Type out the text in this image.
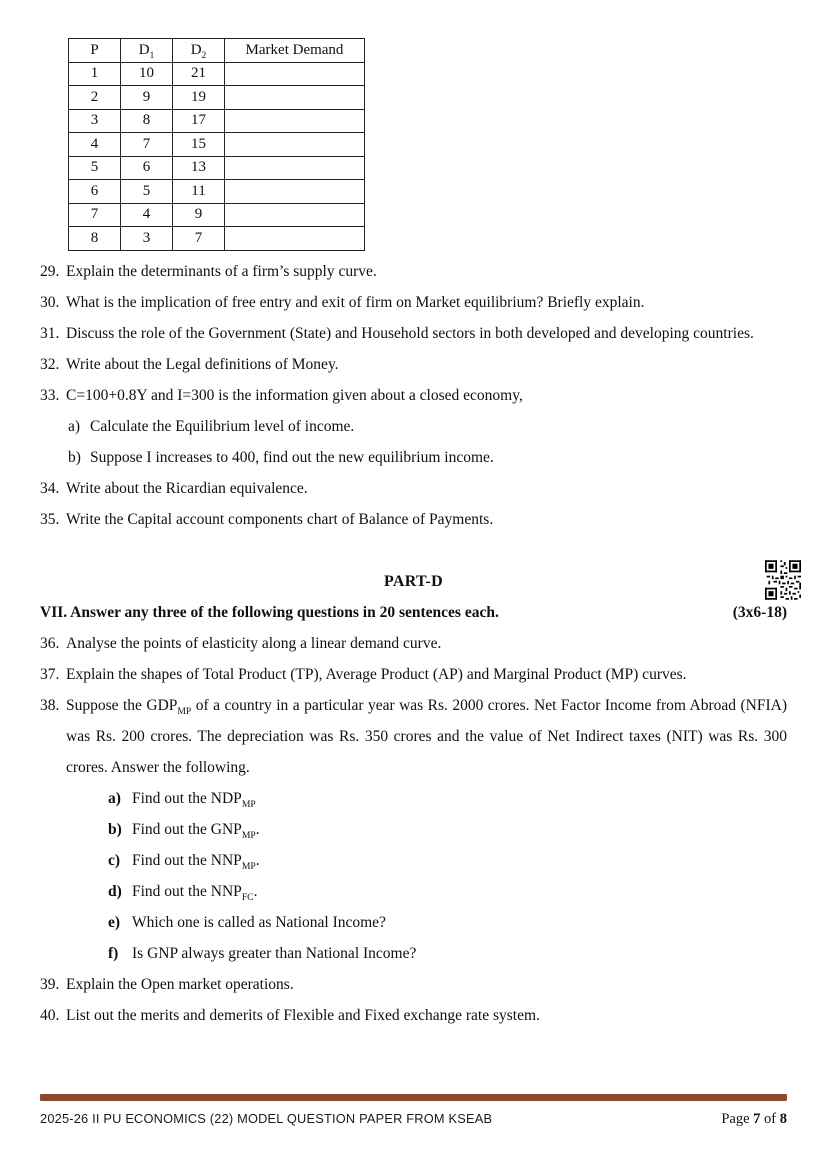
P	$D_1$	$D_2$	Market Demand
1	10	21	
2	9	19	
3	8	17	
4	7	15	
5	6	13	
6	5	11	
7	4	9	
8	3	7	
29. Explain the determinants of a firm’s supply curve.
30. What is the implication of free entry and exit of firm on Market equilibrium? Briefly explain.
31. Discuss the role of the Government (State) and Household sectors in both developed and developing countries.
32. Write about the Legal definitions of Money.
33. C=100+0.8Y and I=300 is the information given about a closed economy,
a) Calculate the Equilibrium level of income.
b) Suppose I increases to 400, find out the new equilibrium income.
34. Write about the Ricardian equivalence.
35. Write the Capital account components chart of Balance of Payments.
PART-D
VII. Answer any three of the following questions in 20 sentences each.	(3x6-18)
36. Analyse the points of elasticity along a linear demand curve.
37. Explain the shapes of Total Product (TP), Average Product (AP) and Marginal Product (MP) curves.
38. Suppose the $GDP_{MP}$ of a country in a particular year was Rs. 2000 crores. Net Factor Income from Abroad (NFIA) was Rs. 200 crores. The depreciation was Rs. 350 crores and the value of Net Indirect taxes (NIT) was Rs. 300 crores. Answer the following.
a) Find out the $NDP_{MP}$
b) Find out the $GNP_{MP}$.
c) Find out the $NNP_{MP}$.
d) Find out the $NNP_{FC}$.
e) Which one is called as National Income?
f) Is GNP always greater than National Income?
39. Explain the Open market operations.
40. List out the merits and demerits of Flexible and Fixed exchange rate system.
2025-26 II PU ECONOMICS (22) MODEL QUESTION PAPER FROM KSEAB	Page 7 of 8
